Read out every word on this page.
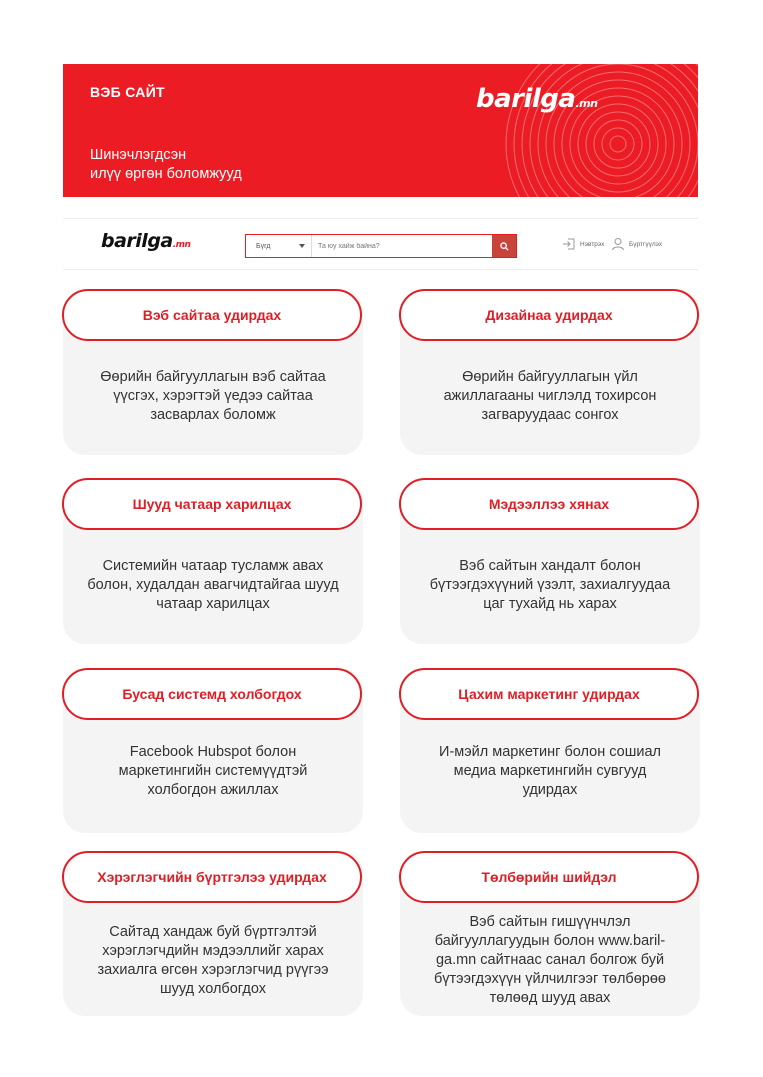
ВЭБ САЙТ
Шинэчлэгдсэн
илүү өргөн боломжууд
barilga.mn
barilga.mn	Бүгд
Та юу хайж байна?	Нэвтрэх	Бүртгүүлэх
Вэб сайтаа удирдах
Өөрийн байгууллагын вэб сайтаа
үүсгэх, хэрэгтэй үедээ сайтаа
засварлах боломж
Дизайнаа удирдах
Өөрийн байгууллагын үйл
ажиллагааны чиглэлд тохирсон
загваруудаас сонгох
Шууд чатаар харилцах
Системийн чатаар тусламж авах
болон, худалдан авагчидтайгаа шууд
чатаар харилцах
Мэдээллээ хянах
Вэб сайтын хандалт болон
бүтээгдэхүүний үзэлт, захиалгуудаа
цаг тухайд нь харах
Бусад системд холбогдох
Facebook Hubspot болон
маркетингийн системүүдтэй
холбогдон ажиллах
Цахим маркетинг удирдах
И-мэйл маркетинг болон сошиал
медиа маркетингийн сувгууд
удирдах
Хэрэглэгчийн бүртгэлээ удирдах
Сайтад хандаж буй бүртгэлтэй
хэрэглэгчдийн мэдээллийг харах
захиалга өгсөн хэрэглэгчид рүүгээ
шууд холбогдох
Төлбөрийн шийдэл
Вэб сайтын гишүүнчлэл
байгууллагуудын болон www.baril-
ga.mn сайтнаас санал болгож буй
бүтээгдэхүүн үйлчилгээг төлбөрөө
төлөөд шууд авах
